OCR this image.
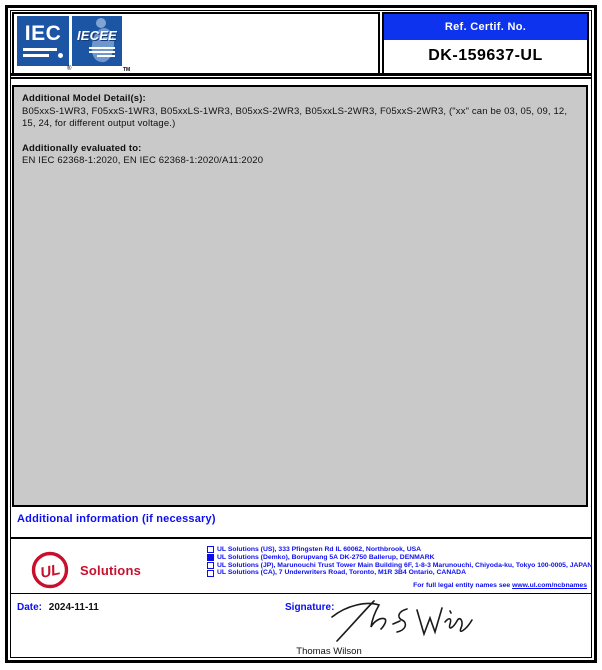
IEC
®
IECEE
TM
Ref. Certif. No.
DK-159637-UL
Additional Model Detail(s):
B05xxS-1WR3, F05xxS-1WR3, B05xxLS-1WR3, B05xxS-2WR3, B05xxLS-2WR3, F05xxS-2WR3, ("xx" can be 03, 05, 09, 12, 15, 24, for different output voltage.)
Additionally evaluated to:
EN IEC 62368-1:2020, EN IEC 62368-1:2020/A11:2020
Additional information (if necessary)
UL Solutions
UL Solutions (US), 333 Pfingsten Rd IL 60062, Northbrook, USA
UL Solutions (Demko), Borupvang 5A DK-2750 Ballerup, DENMARK
UL Solutions (JP), Marunouchi Trust Tower Main Building 6F, 1-8-3 Marunouchi, Chiyoda-ku, Tokyo 100-0005, JAPAN
UL Solutions (CA), 7 Underwriters Road, Toronto, M1R 3B4 Ontario, CANADA
For full legal entity names see www.ul.com/ncbnames
Date: 2024-11-11	Signature:
Thomas Wilson
